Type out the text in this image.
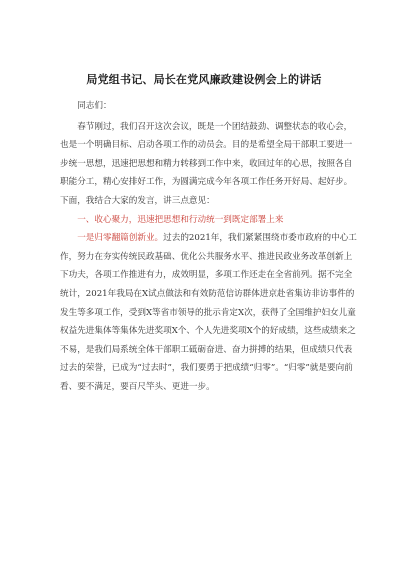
局党组书记、局长在党风廉政建设例会上的讲话

同志们：

春节刚过，我们召开这次会议，既是一个团结鼓劲、调整状态的收心会，也是一个明确目标、启动各项工作的动员会。目的是希望全局干部职工要进一步统一思想，迅速把思想和精力转移到工作中来，收回过年的心思，按照各自职能分工，精心安排好工作，为圆满完成今年各项工作任务开好局、起好步。下面，我结合大家的发言，讲三点意见：

一、收心聚力，迅速把思想和行动统一到既定部署上来

一是归零翻篇创新业。过去的2021年，我们紧紧围绕市委市政府的中心工作，努力在夯实传统民政基础、优化公共服务水平、推进民政业务改革创新上下功夫，各项工作推进有力，成效明显，多项工作还走在全省前列。据不完全统计，2021年我局在X试点做法和有效防范信访群体进京赴省集访非访事件的发生等多项工作，受到X等省市领导的批示肯定X次，获得了全国维护妇女儿童权益先进集体等集体先进奖项X个、个人先进奖项X个的好成绩，这些成绩来之不易，是我们局系统全体干部职工砥砺奋进、奋力拼搏的结果，但成绩只代表过去的荣誉，已成为“过去时”，我们要勇于把成绩“归零”。“归零”就是要向前看、要不满足，要百尺竿头、更进一步。
